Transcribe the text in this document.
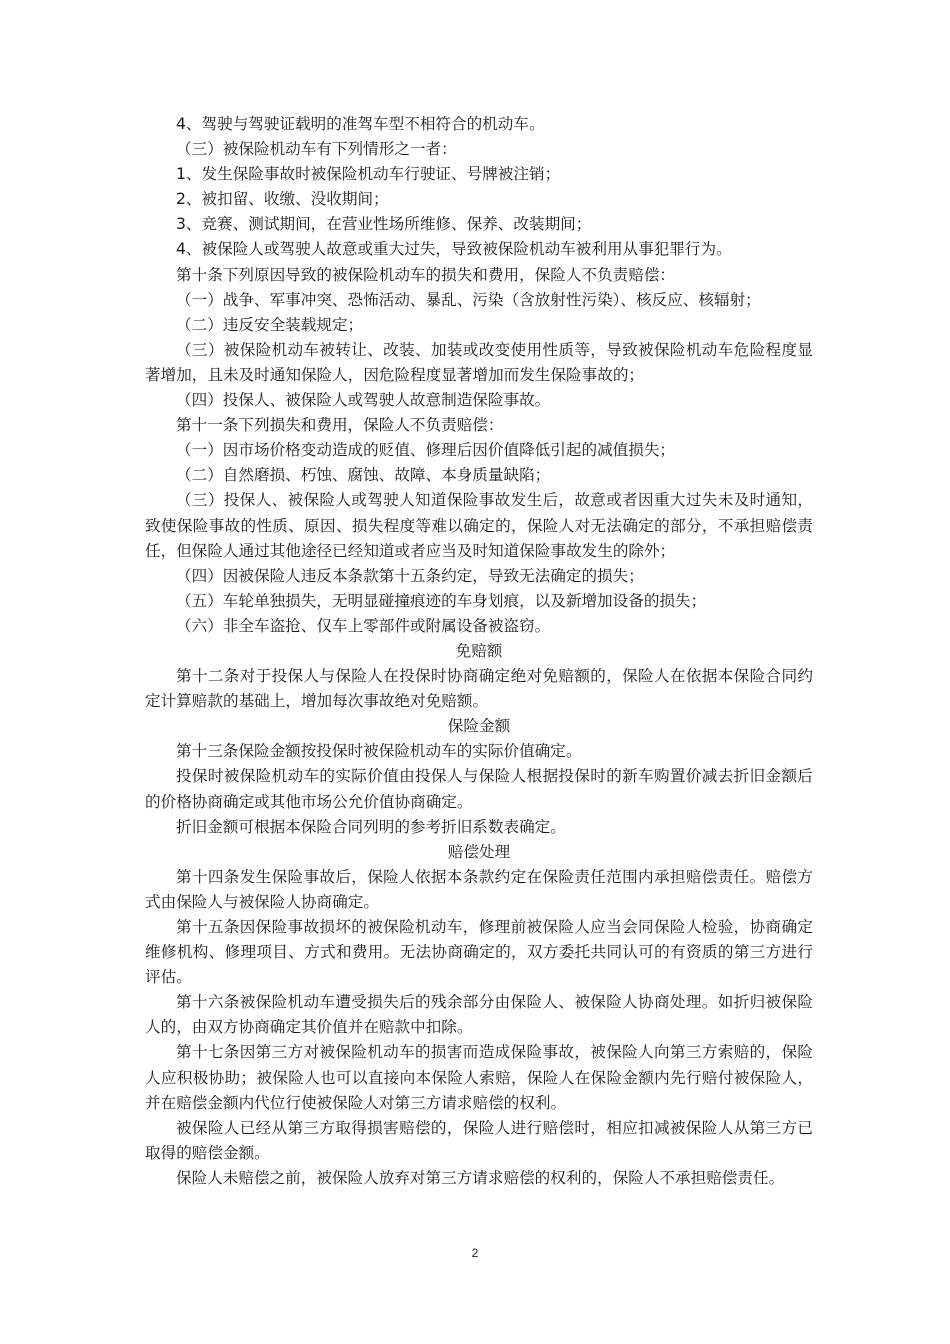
4、驾驶与驾驶证载明的准驾车型不相符合的机动车。

（三）被保险机动车有下列情形之一者：

1、发生保险事故时被保险机动车行驶证、号牌被注销；

2、被扣留、收缴、没收期间；

3、竞赛、测试期间，在营业性场所维修、保养、改装期间；

4、被保险人或驾驶人故意或重大过失，导致被保险机动车被利用从事犯罪行为。

第十条下列原因导致的被保险机动车的损失和费用，保险人不负责赔偿：

（一）战争、军事冲突、恐怖活动、暴乱、污染（含放射性污染）、核反应、核辐射；

（二）违反安全装载规定；

（三）被保险机动车被转让、改装、加装或改变使用性质等，导致被保险机动车危险程度显著增加，且未及时通知保险人，因危险程度显著增加而发生保险事故的；

（四）投保人、被保险人或驾驶人故意制造保险事故。

第十一条下列损失和费用，保险人不负责赔偿：

（一）因市场价格变动造成的贬值、修理后因价值降低引起的减值损失；

（二）自然磨损、朽蚀、腐蚀、故障、本身质量缺陷；

（三）投保人、被保险人或驾驶人知道保险事故发生后，故意或者因重大过失未及时通知，致使保险事故的性质、原因、损失程度等难以确定的，保险人对无法确定的部分，不承担赔偿责任，但保险人通过其他途径已经知道或者应当及时知道保险事故发生的除外；

（四）因被保险人违反本条款第十五条约定，导致无法确定的损失；

（五）车轮单独损失，无明显碰撞痕迹的车身划痕，以及新增加设备的损失；

（六）非全车盗抢、仅车上零部件或附属设备被盗窃。

免赔额

第十二条对于投保人与保险人在投保时协商确定绝对免赔额的，保险人在依据本保险合同约定计算赔款的基础上，增加每次事故绝对免赔额。

保险金额

第十三条保险金额按投保时被保险机动车的实际价值确定。

投保时被保险机动车的实际价值由投保人与保险人根据投保时的新车购置价减去折旧金额后的价格协商确定或其他市场公允价值协商确定。

折旧金额可根据本保险合同列明的参考折旧系数表确定。

赔偿处理

第十四条发生保险事故后，保险人依据本条款约定在保险责任范围内承担赔偿责任。赔偿方式由保险人与被保险人协商确定。

第十五条因保险事故损坏的被保险机动车，修理前被保险人应当会同保险人检验，协商确定维修机构、修理项目、方式和费用。无法协商确定的，双方委托共同认可的有资质的第三方进行评估。

第十六条被保险机动车遭受损失后的残余部分由保险人、被保险人协商处理。如折归被保险人的，由双方协商确定其价值并在赔款中扣除。

第十七条因第三方对被保险机动车的损害而造成保险事故，被保险人向第三方索赔的，保险人应积极协助；被保险人也可以直接向本保险人索赔，保险人在保险金额内先行赔付被保险人，并在赔偿金额内代位行使被保险人对第三方请求赔偿的权利。

被保险人已经从第三方取得损害赔偿的，保险人进行赔偿时，相应扣减被保险人从第三方已取得的赔偿金额。

保险人未赔偿之前，被保险人放弃对第三方请求赔偿的权利的，保险人不承担赔偿责任。

2
